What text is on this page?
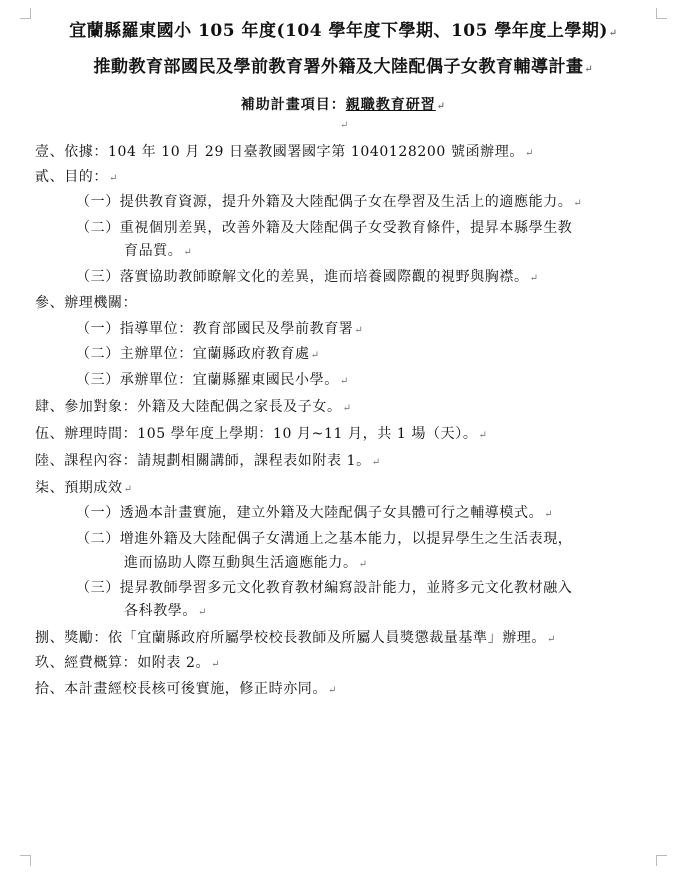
宜蘭縣羅東國小 105 年度(104 學年度下學期、105 學年度上學期)↵
推動教育部國民及學前教育署外籍及大陸配偶子女教育輔導計畫↵
補助計畫項目：親職教育研習↵
↵
壹、依據：104 年 10 月 29 日臺教國署國字第 1040128200 號函辦理。↵
貳、目的：↵
（一）提供教育資源，提升外籍及大陸配偶子女在學習及生活上的適應能力。↵
（二）重視個別差異，改善外籍及大陸配偶子女受教育條件，提昇本縣學生教
育品質。↵
（三）落實協助教師瞭解文化的差異，進而培養國際觀的視野與胸襟。↵
參、辦理機關：
（一）指導單位：教育部國民及學前教育署↵
（二）主辦單位：宜蘭縣政府教育處↵
（三）承辦單位：宜蘭縣羅東國民小學。↵
肆、參加對象：外籍及大陸配偶之家長及子女。↵
伍、辦理時間：105 學年度上學期：10 月~11 月，共 1 場（天）。↵
陸、課程內容：請規劃相關講師，課程表如附表 1。↵
柒、預期成效↵
（一）透過本計畫實施，建立外籍及大陸配偶子女具體可行之輔導模式。↵
（二）增進外籍及大陸配偶子女溝通上之基本能力，以提昇學生之生活表現，
進而協助人際互動與生活適應能力。↵
（三）提昇教師學習多元文化教育教材編寫設計能力，並將多元文化教材融入
各科教學。↵
捌、獎勵：依「宜蘭縣政府所屬學校校長教師及所屬人員獎懲裁量基準」辦理。↵
玖、經費概算：如附表 2。↵
拾、本計畫經校長核可後實施，修正時亦同。↵
